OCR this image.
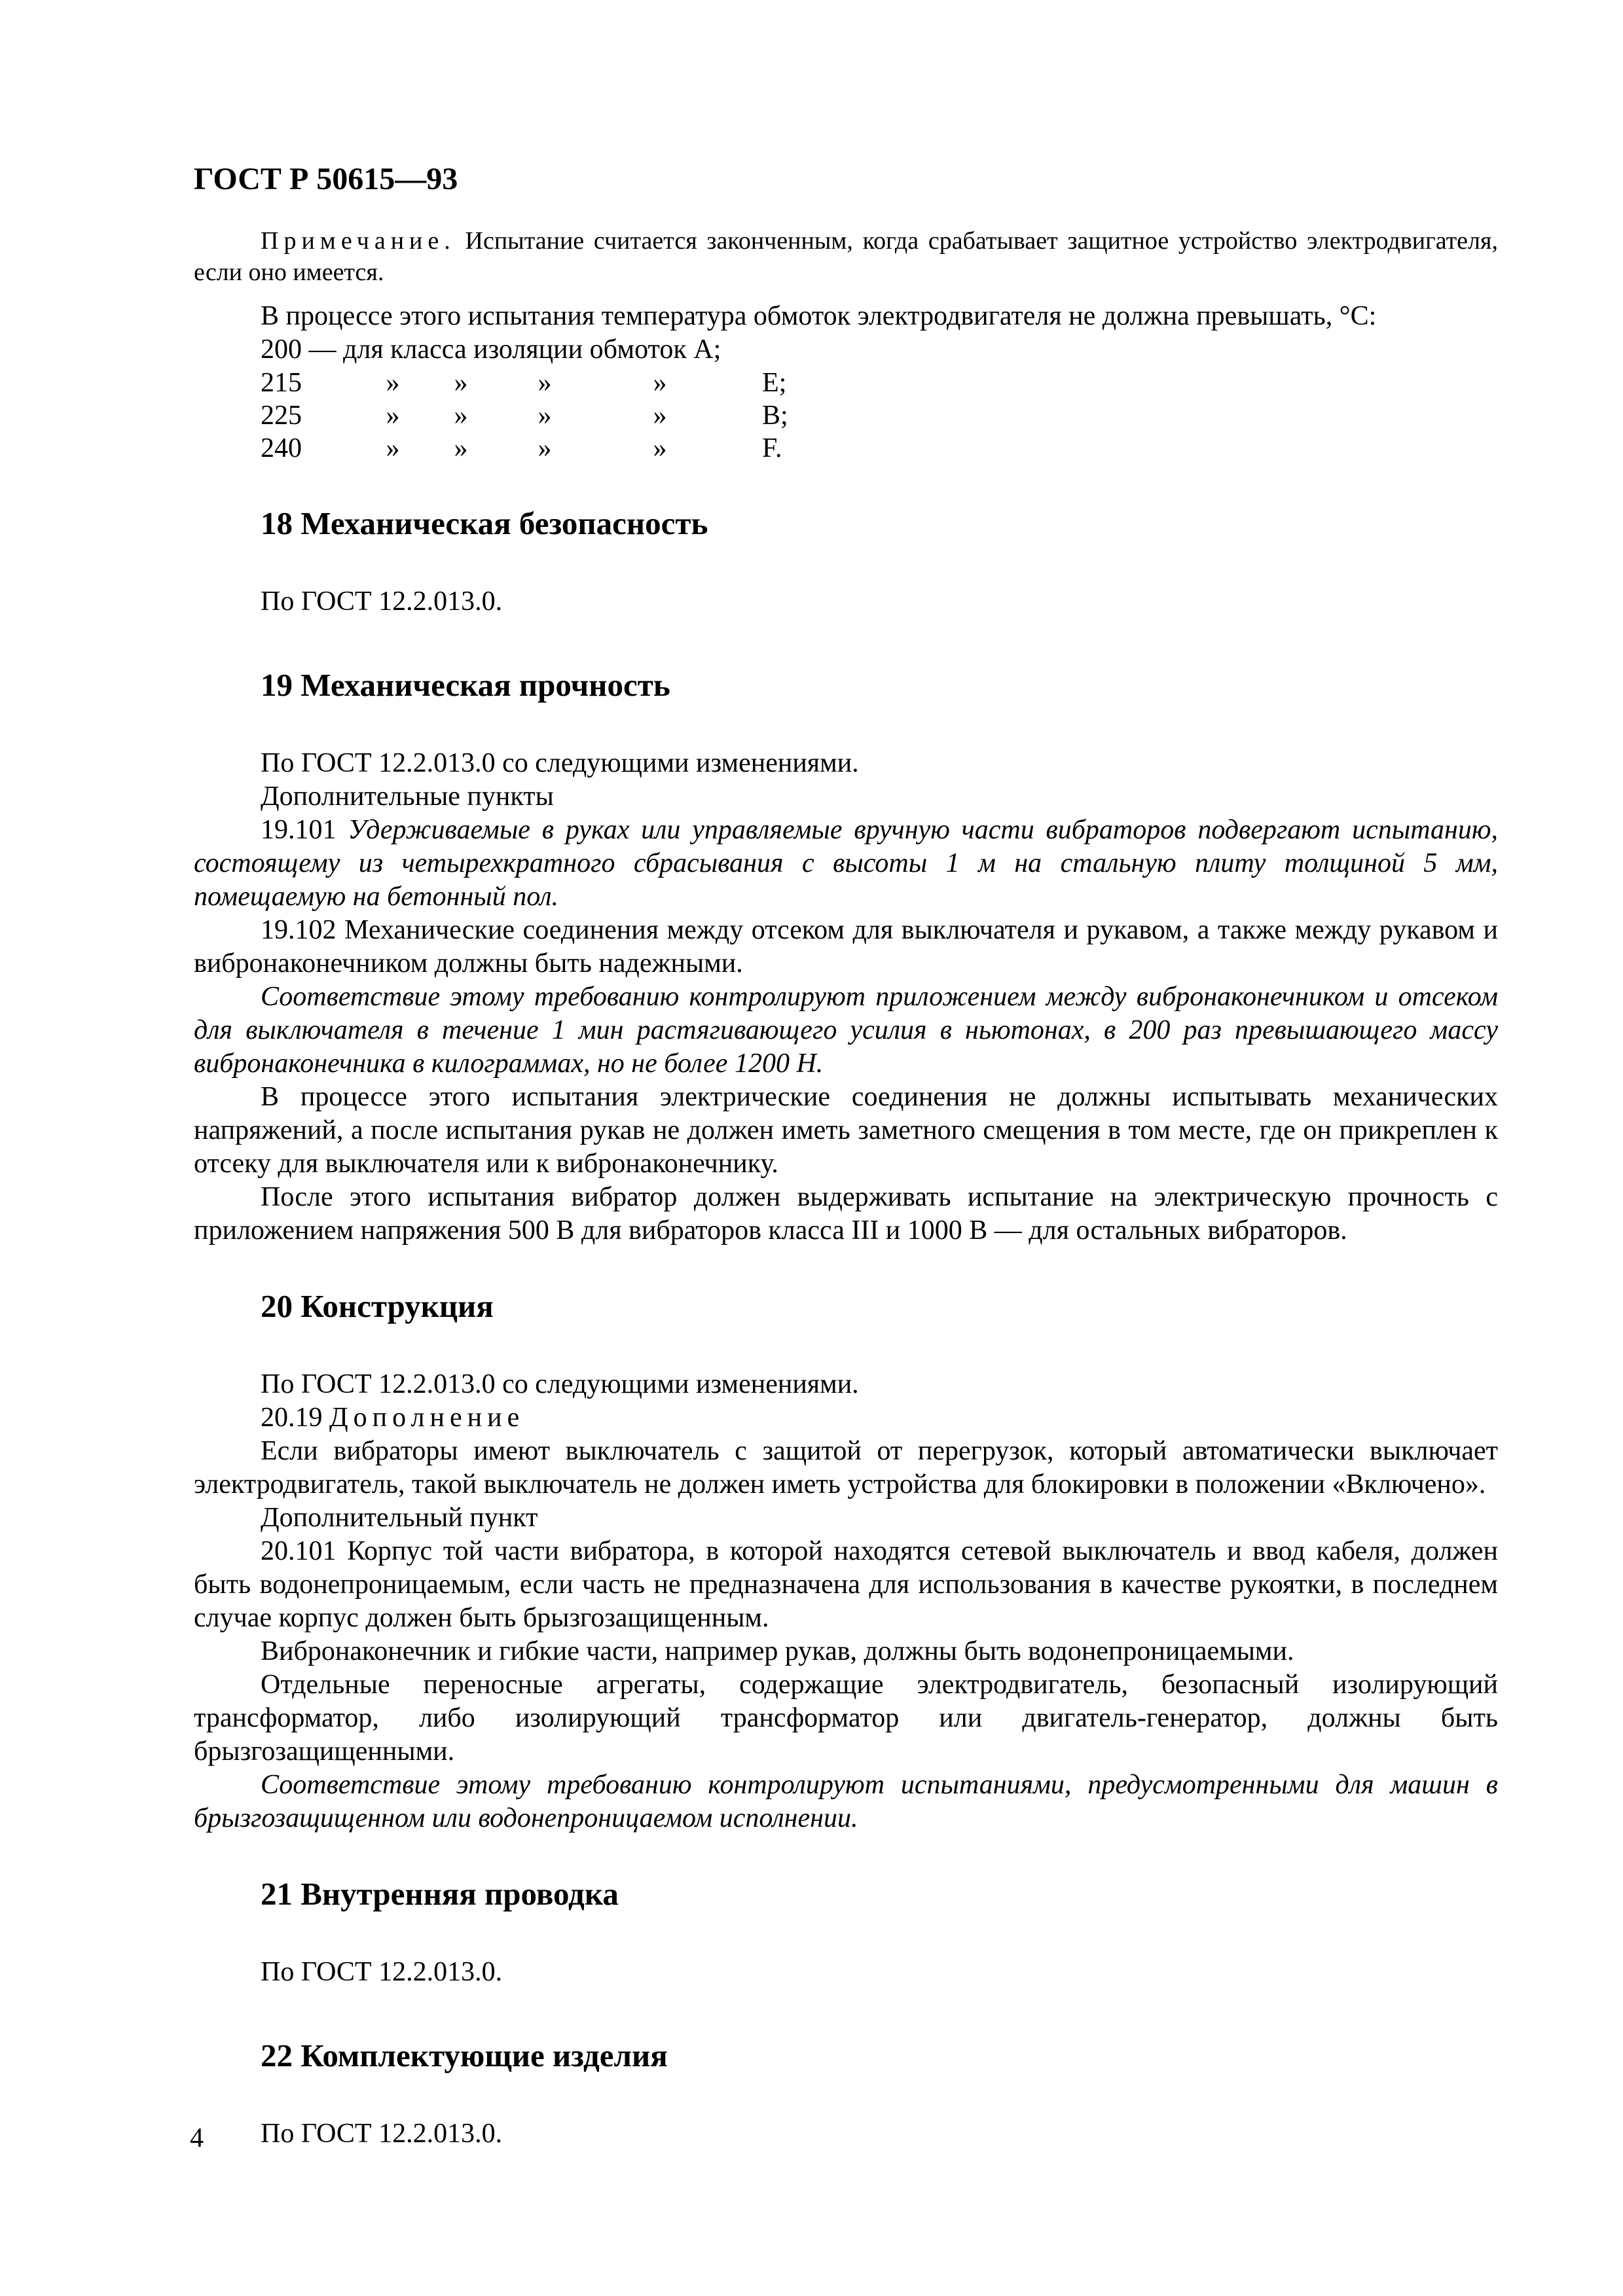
ГОСТ Р 50615—93

Примечание. Испытание считается законченным, когда срабатывает защитное устройство электродвигателя, если оно имеется.

В процессе этого испытания температура обмоток электродвигателя не должна превышать, °С:

200 — для класса изоляции обмоток А;

215	»	»	»	»	Е;
225	»	»	»	»	В;
240	»	»	»	»	F.
18 Механическая безопасность

По ГОСТ 12.2.013.0.

19 Механическая прочность

По ГОСТ 12.2.013.0 со следующими изменениями.

Дополнительные пункты

19.101 Удерживаемые в руках или управляемые вручную части вибраторов подвергают испытанию, состоящему из четырехкратного сбрасывания с высоты 1 м на стальную плиту толщиной 5 мм, помещаемую на бетонный пол.

19.102 Механические соединения между отсеком для выключателя и рукавом, а также между рукавом и вибронаконечником должны быть надежными.

Соответствие этому требованию контролируют приложением между вибронаконечником и отсеком для выключателя в течение 1 мин растягивающего усилия в ньютонах, в 200 раз превышающего массу вибронаконечника в килограммах, но не более 1200 Н.

В процессе этого испытания электрические соединения не должны испытывать механических напряжений, а после испытания рукав не должен иметь заметного смещения в том месте, где он прикреплен к отсеку для выключателя или к вибронаконечнику.

После этого испытания вибратор должен выдерживать испытание на электрическую прочность с приложением напряжения 500 В для вибраторов класса III и 1000 В — для остальных вибраторов.

20 Конструкция

По ГОСТ 12.2.013.0 со следующими изменениями.

20.19 Дополнение

Если вибраторы имеют выключатель с защитой от перегрузок, который автоматически выключает электродвигатель, такой выключатель не должен иметь устройства для блокировки в положении «Включено».

Дополнительный пункт

20.101 Корпус той части вибратора, в которой находятся сетевой выключатель и ввод кабеля, должен быть водонепроницаемым, если часть не предназначена для использования в качестве рукоятки, в последнем случае корпус должен быть брызгозащищенным.

Вибронаконечник и гибкие части, например рукав, должны быть водонепроницаемыми.

Отдельные переносные агрегаты, содержащие электродвигатель, безопасный изолирующий трансформатор, либо изолирующий трансформатор или двигатель-генератор, должны быть брызгозащищенными.

Соответствие этому требованию контролируют испытаниями, предусмотренными для машин в брызгозащищенном или водонепроницаемом исполнении.

21 Внутренняя проводка

По ГОСТ 12.2.013.0.

22 Комплектующие изделия

По ГОСТ 12.2.013.0.

4
